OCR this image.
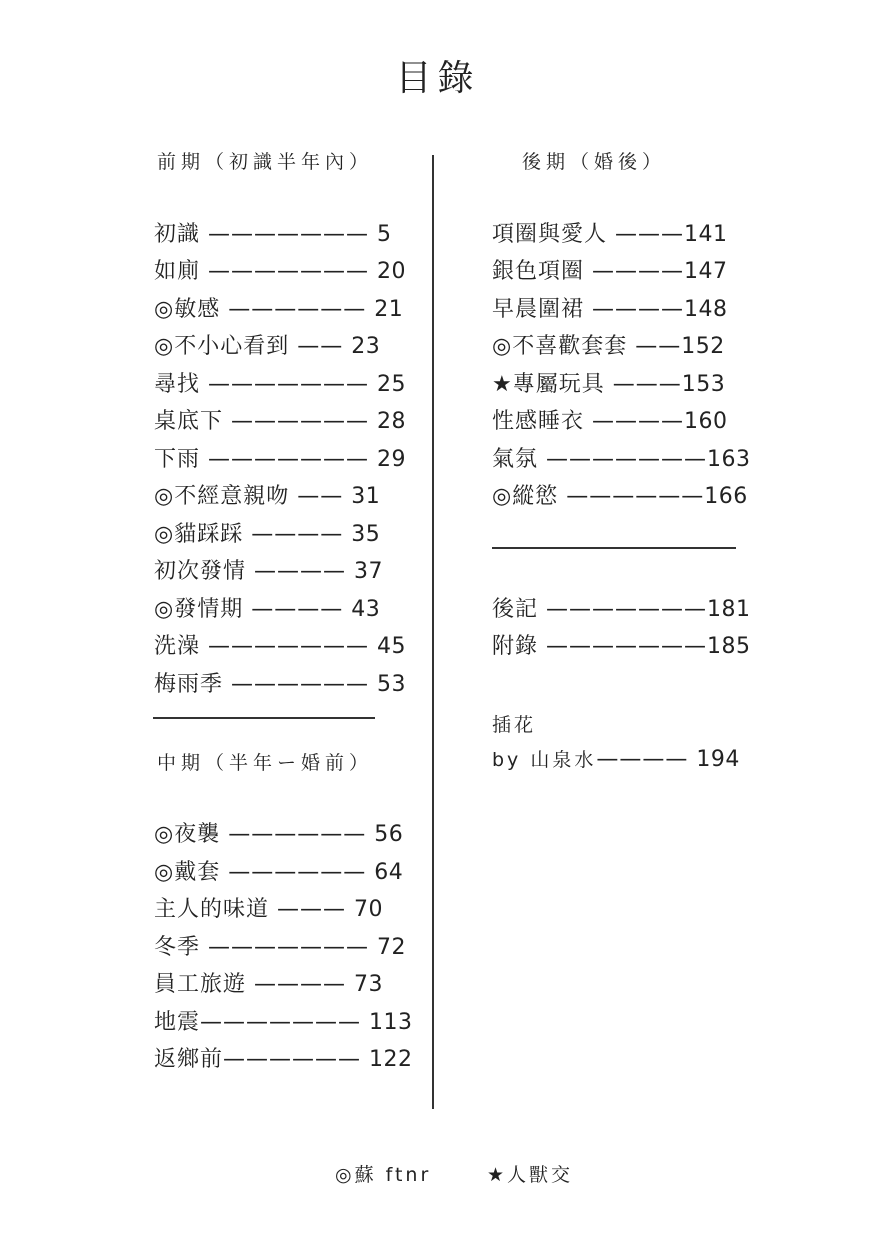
目錄
前期（初識半年內）	後期（婚後）
中期（半年ー婚前）
初識 ——————— 5
如廁 ——————— 20
◎敏感 —————— 21
◎不小心看到 —— 23
尋找 ——————— 25
桌底下 —————— 28
下雨 ——————— 29
◎不經意親吻 —— 31
◎貓踩踩 ———— 35
初次發情 ———— 37
◎發情期 ———— 43
洗澡 ——————— 45
梅雨季 —————— 53
◎夜襲 —————— 56
◎戴套 —————— 64
主人的味道 ——— 70
冬季 ——————— 72
員工旅遊 ———— 73
地震——————— 113
返鄉前—————— 122
項圈與愛人 ———141
銀色項圈 ————147
早晨圍裙 ————148
◎不喜歡套套 ——152
★專屬玩具 ———153
性感睡衣 ————160
氣氛 ———————163
◎縱慾 ——————166
後記 ———————181
附錄 ———————185
插花
by 山泉水———— 194
◎蘇 ftnr	★人獸交
